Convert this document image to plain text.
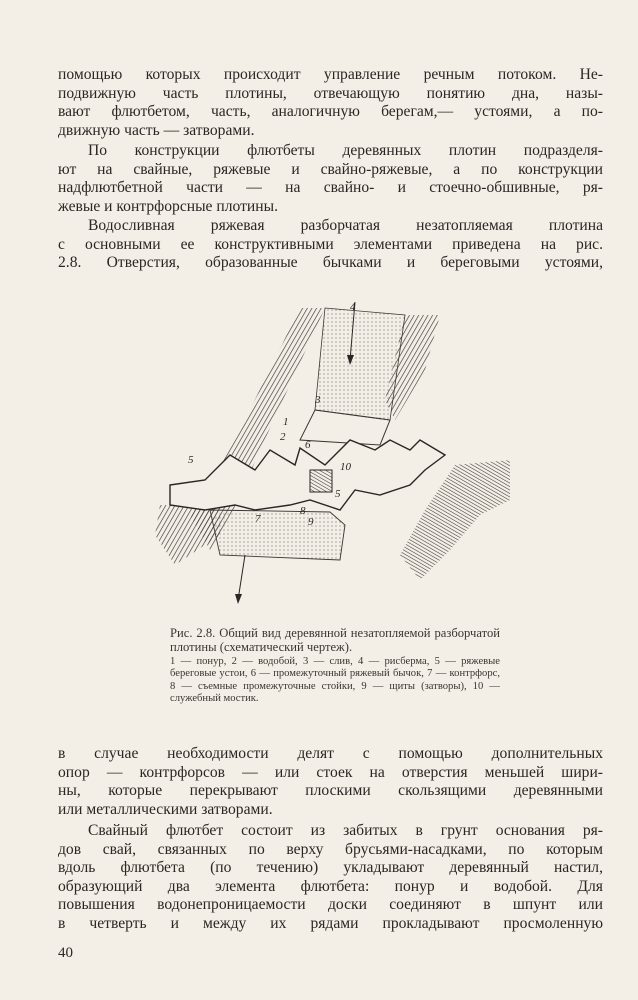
помощью которых происходит управление речным потоком. Не-
подвижную часть плотины, отвечающую понятию дна, назы-
вают флютбетом, часть, аналогичную берегам,— устоями, а по-
движную часть — затворами.

По конструкции флютбеты деревянных плотин подразделя-
ют на свайные, ряжевые и свайно-ряжевые, а по конструкции
надфлютбетной части — на свайно- и стоечно-обшивные, ря-
жевые и контрфорсные плотины.

Водосливная ряжевая разборчатая незатопляемая плотина
с основными ее конструктивными элементами приведена на рис.
2.8. Отверстия, образованные бычками и береговыми устоями,

4
3
2
1
5
5
6
7
8
9
10
Рис. 2.8. Общий вид деревянной незатопляемой разборчатой плотины (схематический чертеж).
1 — понур, 2 — водобой, 3 — слив, 4 — рисберма, 5 — ряжевые береговые устои, 6 — промежуточный ряжевый бычок, 7 — контрфорс, 8 — съемные промежуточные стойки, 9 — щиты (затворы), 10 — служебный мостик.

в случае необходимости делят с помощью дополнительных
опор — контрфорсов — или стоек на отверстия меньшей шири-
ны, которые перекрывают плоскими скользящими деревянными
или металлическими затворами.

Свайный флютбет состоит из забитых в грунт основания ря-
дов свай, связанных по верху брусьями-насадками, по которым
вдоль флютбета (по течению) укладывают деревянный настил,
образующий два элемента флютбета: понур и водобой. Для
повышения водонепроницаемости доски соединяют в шпунт или
в четверть и между их рядами прокладывают просмоленную

40
